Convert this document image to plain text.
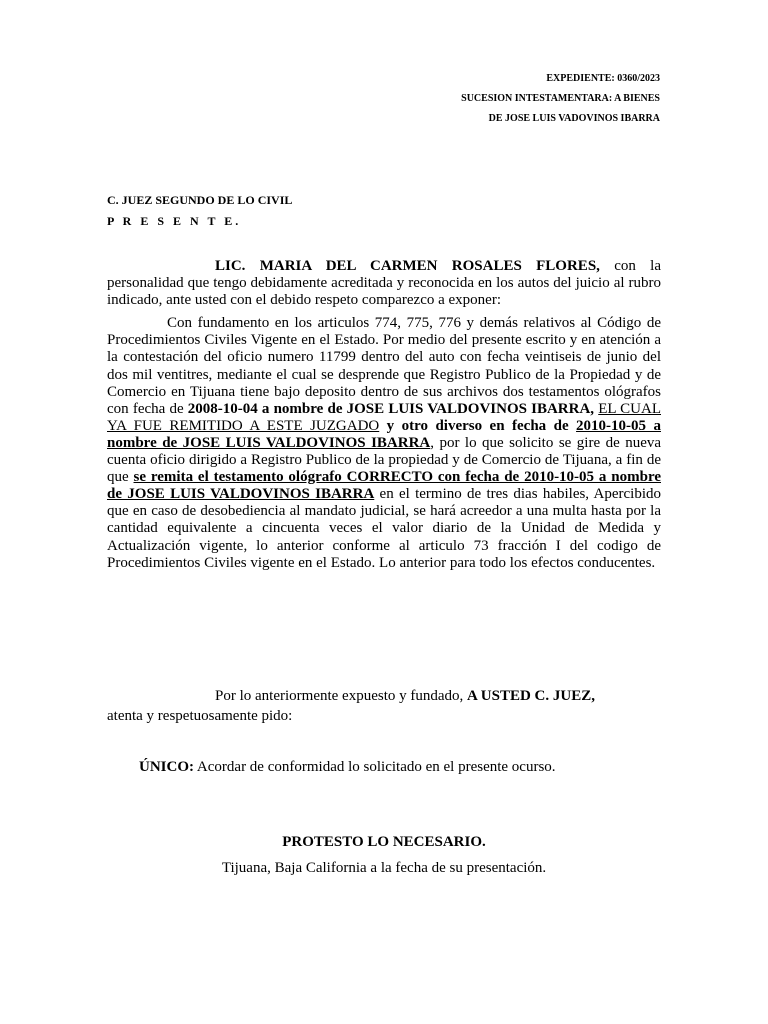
EXPEDIENTE: 0360/2023
SUCESION INTESTAMENTARA: A BIENES
DE JOSE LUIS VADOVINOS IBARRA
C. JUEZ SEGUNDO DE LO CIVIL
P R E S E N T E.

LIC. MARIA DEL CARMEN ROSALES FLORES, con la personalidad que tengo debidamente acreditada y reconocida en los autos del juicio al rubro indicado, ante usted con el debido respeto comparezco a exponer:

Con fundamento en los articulos 774, 775, 776 y demás relativos al Código de Procedimientos Civiles Vigente en el Estado. Por medio del presente escrito y en atención a la contestación del oficio numero 11799 dentro del auto con fecha veintiseis de junio del dos mil ventitres, mediante el cual se desprende que Registro Publico de la Propiedad y de Comercio en Tijuana tiene bajo deposito dentro de sus archivos dos testamentos ológrafos con fecha de 2008-10-04 a nombre de JOSE LUIS VALDOVINOS IBARRA, EL CUAL YA FUE REMITIDO A ESTE JUZGADO y otro diverso en fecha de 2010-10-05 a nombre de JOSE LUIS VALDOVINOS IBARRA, por lo que solicito se gire de nueva cuenta oficio dirigido a Registro Publico de la propiedad y de Comercio de Tijuana, a fin de que se remita el testamento ológrafo CORRECTO con fecha de 2010-10-05 a nombre de JOSE LUIS VALDOVINOS IBARRA en el termino de tres dias habiles, Apercibido que en caso de desobediencia al mandato judicial, se hará acreedor a una multa hasta por la cantidad equivalente a cincuenta veces el valor diario de la Unidad de Medida y Actualización vigente, lo anterior conforme al articulo 73 fracción I del codigo de Procedimientos Civiles vigente en el Estado. Lo anterior para todo los efectos conducentes.

Por lo anteriormente expuesto y fundado, A USTED C. JUEZ,
atenta y respetuosamente pido:
ÚNICO: Acordar de conformidad lo solicitado en el presente ocurso.
PROTESTO LO NECESARIO.
Tijuana, Baja California a la fecha de su presentación.
